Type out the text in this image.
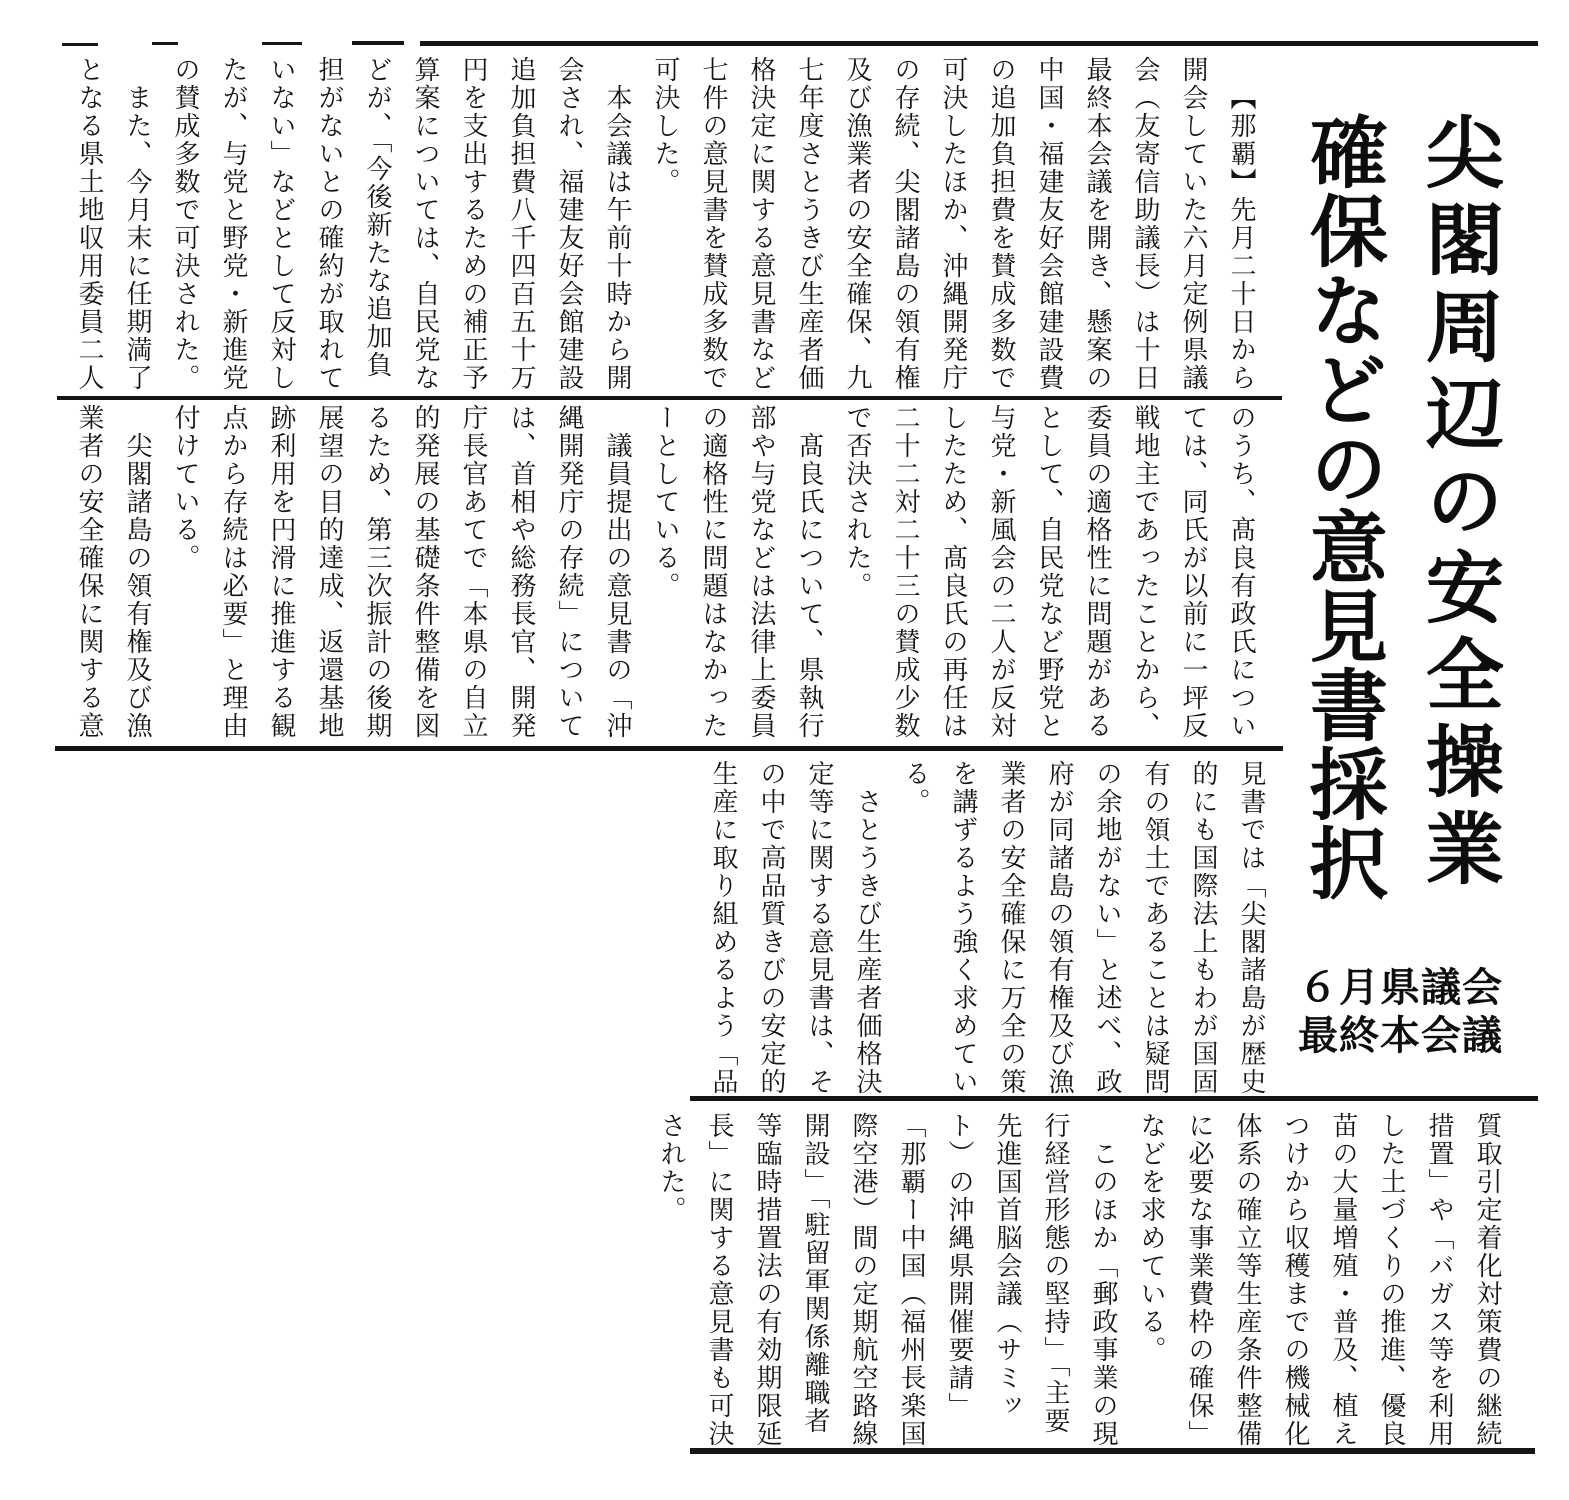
尖閣周辺の安全操業
確保などの意見書採択
６月県議会
最終本会議

【那覇】先月二十日から開会していた六月定例県議会（友寄信助議長）は十日最終本会議を開き、懸案の中国・福建友好会館建設費の追加負担費を賛成多数で可決したほか、沖縄開発庁の存続、尖閣諸島の領有権及び漁業者の安全確保、九七年度さとうきび生産者価格決定に関する意見書など七件の意見書を賛成多数で可決した。

本会議は午前十時から開会され、福建友好会館建設追加負担費八千四百五十万円を支出するための補正予算案については、自民党などが、「今後新たな追加負担がないとの確約が取れていない」などとして反対したが、与党と野党・新進党の賛成多数で可決された。

また、今月末に任期満了となる県土地収用委員二人

のうち、髙良有政氏については、同氏が以前に一坪反戦地主であったことから、委員の適格性に問題があるとして、自民党など野党と与党・新風会の二人が反対したため、髙良氏の再任は二十二対二十三の賛成少数で否決された。

髙良氏について、県執行部や与党などは法律上委員の適格性に問題はなかったーとしている。

議員提出の意見書の「沖縄開発庁の存続」については、首相や総務長官、開発庁長官あてで「本県の自立的発展の基礎条件整備を図るため、第三次振計の後期展望の目的達成、返還基地跡利用を円滑に推進する観点から存続は必要」と理由付けている。

尖閣諸島の領有権及び漁業者の安全確保に関する意

見書では「尖閣諸島が歴史的にも国際法上もわが国固有の領土であることは疑問の余地がない」と述べ、政府が同諸島の領有権及び漁業者の安全確保に万全の策を講ずるよう強く求めている。

さとうきび生産者価格決定等に関する意見書は、その中で高品質きびの安定的生産に取り組めるよう「品

質取引定着化対策費の継続措置」や「バガス等を利用した土づくりの推進、優良苗の大量増殖・普及、植えつけから収穫までの機械化体系の確立等生産条件整備に必要な事業費枠の確保」などを求めている。

このほか「郵政事業の現行経営形態の堅持」「主要先進国首脳会議（サミット）の沖縄県開催要請」「那覇ー中国（福州長楽国際空港）間の定期航空路線開設」「駐留軍関係離職者等臨時措置法の有効期限延長」に関する意見書も可決された。
